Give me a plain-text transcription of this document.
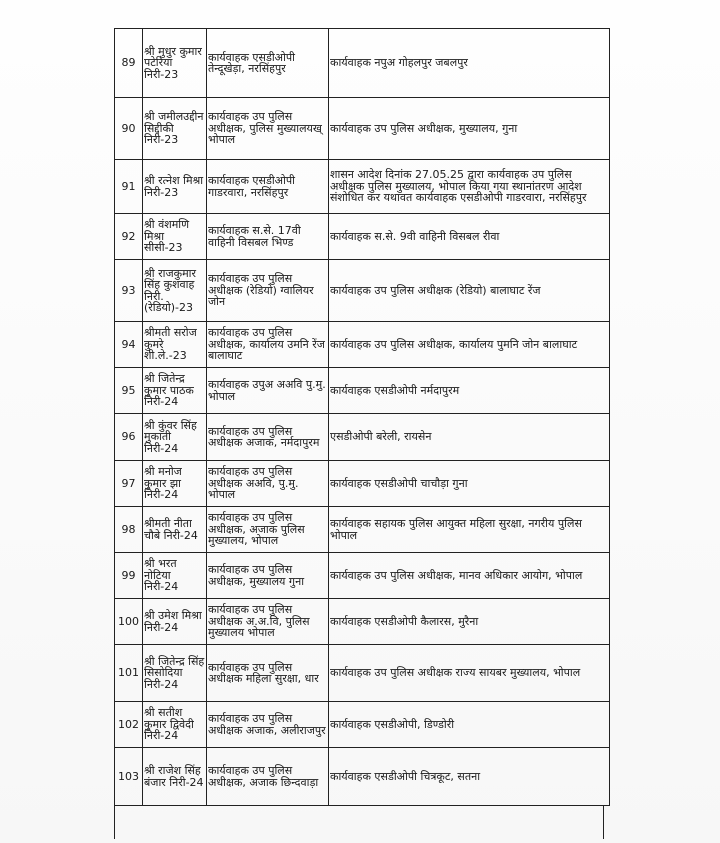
89	श्री मुधुर कुमार पटेरिया निरी-23	कार्यवाहक एसडीओपी तेन्दूखेड़ा, नरसिंहपुर	कार्यवाहक नपुअ गोहलपुर जबलपुर
90	श्री जमीलउद्दीन सिद्दीकी निरी-23	कार्यवाहक उप पुलिस अधीक्षक, पुलिस मुख्यालयख् भोपाल	कार्यवाहक उप पुलिस अधीक्षक, मुख्यालय, गुना
91	श्री रत्नेश मिश्रा निरी-23	कार्यवाहक एसडीओपी गाडरवारा, नरसिंहपुर	शासन आदेश दिनांक 27.05.25 द्वारा कार्यवाहक उप पुलिस अधीक्षक पुलिस मुख्यालय, भोपाल किया गया स्थानांतरण आदेश संशोधित कर यथावत कार्यवाहक एसडीओपी गाडरवारा, नरसिंहपुर
92	श्री वंशमणि मिश्रा सीसी-23	कार्यवाहक स.से. 17वी वाहिनी विसबल भिण्ड	कार्यवाहक स.से. 9वी वाहिनी विसबल रीवा
93	श्री राजकुमार सिंह कुशवाह निरी. (रेडियो)-23	कार्यवाहक उप पुलिस अधीक्षक (रेडियो) ग्वालियर जोन	कार्यवाहक उप पुलिस अधीक्षक (रेडियो) बालाघाट रेंज
94	श्रीमती सरोज कुमरे शी.ले.-23	कार्यवाहक उप पुलिस अधीक्षक, कार्यालय उमनि रेंज बालाघाट	कार्यवाहक उप पुलिस अधीक्षक, कार्यालय पुमनि जोन बालाघाट
95	श्री जितेन्द्र कुमार पाठक निरी-24	कार्यवाहक उपुअ अअवि पु.मु. भोपाल	कार्यवाहक एसडीओपी नर्मदापुरम
96	श्री कुंवर सिंह मुकाती निरी-24	कार्यवाहक उप पुलिस अधीक्षक अजाक, नर्मदापुरम	एसडीओपी बरेली, रायसेन
97	श्री मनोज कुमार झा निरी-24	कार्यवाहक उप पुलिस अधीक्षक अअवि, पु.मु. भोपाल	कार्यवाहक एसडीओपी चाचौड़ा गुना
98	श्रीमती नीता चौबे निरी-24	कार्यवाहक उप पुलिस अधीक्षक, अजाक पुलिस मुख्यालय, भोपाल	कार्यवाहक सहायक पुलिस आयुक्त महिला सुरक्षा, नगरीय पुलिस भोपाल
99	श्री भरत नोटिया निरी-24	कार्यवाहक उप पुलिस अधीक्षक, मुख्यालय गुना	कार्यवाहक उप पुलिस अधीक्षक, मानव अधिकार आयोग, भोपाल
100	श्री उमेश मिश्रा निरी-24	कार्यवाहक उप पुलिस अधीक्षक अ.अ.वि, पुलिस मुख्यालय भोपाल	कार्यवाहक एसडीओपी कैलारस, मुरैना
101	श्री जितेन्द्र सिंह सिसोदिया निरी-24	कार्यवाहक उप पुलिस अधीक्षक महिला सुरक्षा, धार	कार्यवाहक उप पुलिस अधीक्षक राज्य सायबर मुख्यालय, भोपाल
102	श्री सतीश कुमार द्विवेदी निरी-24	कार्यवाहक उप पुलिस अधीक्षक अजाक, अलीराजपुर	कार्यवाहक एसडीओपी, डिण्डोरी
103	श्री राजेश सिंह बंजार निरी-24	कार्यवाहक उप पुलिस अधीक्षक, अजाक छिन्दवाड़ा	कार्यवाहक एसडीओपी चित्रकूट, सतना
